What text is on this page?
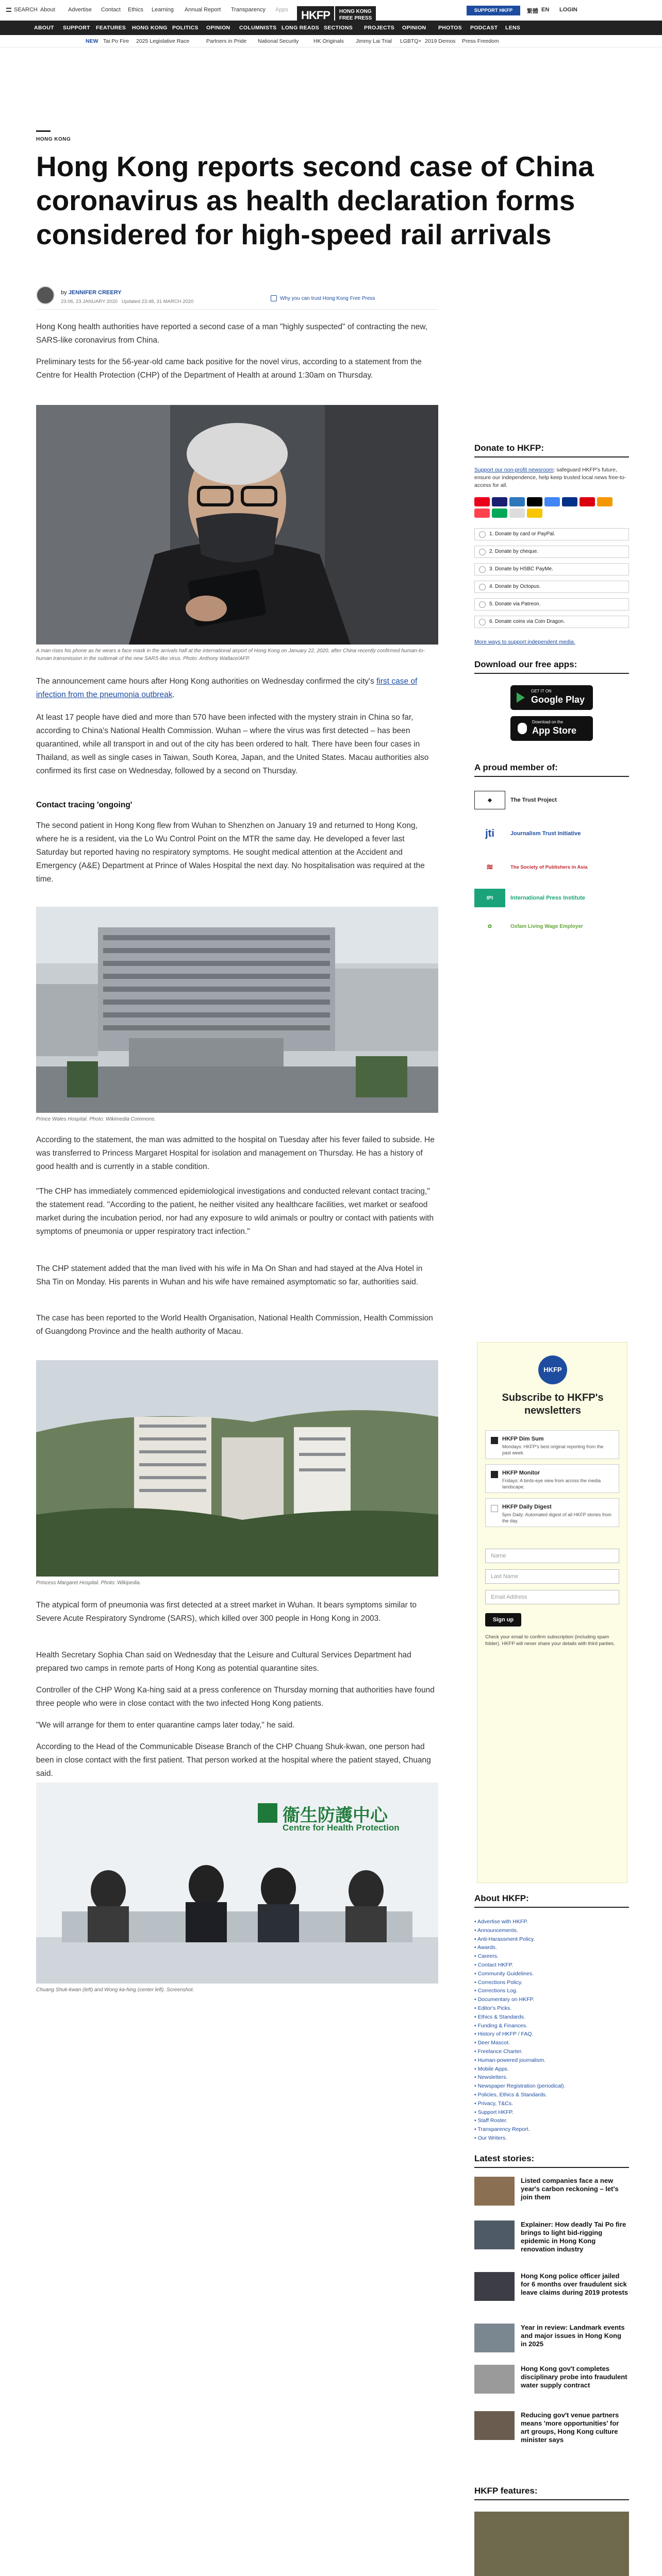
SEARCH About Advertise Contact Ethics Learning Annual Report Transparency Apps	SUPPORT HKFP	繁體 EN LOGIN
HKFP	HONG KONG
FREE PRESS
ABOUT SUPPORT FEATURES HONG KONG POLITICS OPINION COLUMNISTS LONG READS SECTIONS PROJECTS OPINION PHOTOS PODCAST LENS
NEW Tai Po Fire 2025 Legislative Race	Partners in Pride National Security	HK Originals Jimmy Lai Trial LGBTQ+ 2019 Demos Press Freedom
HONG KONG
Hong Kong reports second case of China coronavirus as health declaration forms considered for high-speed rail arrivals
by JENNIFER CREERY
23:06, 23 JANUARY 2020 Updated 23:48, 31 MARCH 2020
Why you can trust Hong Kong Free Press
Hong Kong health authorities have reported a second case of a man "highly suspected" of contracting the new, SARS-like coronavirus from China.
Preliminary tests for the 56-year-old came back positive for the novel virus, according to a statement from the Centre for Health Protection (CHP) of the Department of Health at around 1:30am on Thursday.
A man rises his phone as he wears a face mask in the arrivals hall at the international airport of Hong Kong on January 22, 2020, after China recently confirmed human-to-human transmission in the outbreak of the new SARS-like virus. Photo: Anthony Wallace/AFP.
The announcement came hours after Hong Kong authorities on Wednesday confirmed the city's first case of infection from the pneumonia outbreak.
At least 17 people have died and more than 570 have been infected with the mystery strain in China so far, according to China's National Health Commission. Wuhan – where the virus was first detected – has been quarantined, while all transport in and out of the city has been ordered to halt. There have been four cases in Thailand, as well as single cases in Taiwan, South Korea, Japan, and the United States. Macau authorities also confirmed its first case on Wednesday, followed by a second on Thursday.
Contact tracing 'ongoing'
The second patient in Hong Kong flew from Wuhan to Shenzhen on January 19 and returned to Hong Kong, where he is a resident, via the Lo Wu Control Point on the MTR the same day. He developed a fever last Saturday but reported having no respiratory symptoms. He sought medical attention at the Accident and Emergency (A&E) Department at Prince of Wales Hospital the next day. No hospitalisation was required at the time.
Prince Wales Hospital. Photo: Wikimedia Commons.
According to the statement, the man was admitted to the hospital on Tuesday after his fever failed to subside. He was transferred to Princess Margaret Hospital for isolation and management on Thursday. He has a history of good health and is currently in a stable condition.
"The CHP has immediately commenced epidemiological investigations and conducted relevant contact tracing," the statement read. "According to the patient, he neither visited any healthcare facilities, wet market or seafood market during the incubation period, nor had any exposure to wild animals or poultry or contact with patients with symptoms of pneumonia or upper respiratory tract infection."
The CHP statement added that the man lived with his wife in Ma On Shan and had stayed at the Alva Hotel in Sha Tin on Monday. His parents in Wuhan and his wife have remained asymptomatic so far, authorities said.
The case has been reported to the World Health Organisation, National Health Commission, Health Commission of Guangdong Province and the health authority of Macau.
Princess Margaret Hospital. Photo: Wikipedia.
The atypical form of pneumonia was first detected at a street market in Wuhan. It bears symptoms similar to Severe Acute Respiratory Syndrome (SARS), which killed over 300 people in Hong Kong in 2003.
Health Secretary Sophia Chan said on Wednesday that the Leisure and Cultural Services Department had prepared two camps in remote parts of Hong Kong as potential quarantine sites.
Controller of the CHP Wong Ka-hing said at a press conference on Thursday morning that authorities have found three people who were in close contact with the two infected Hong Kong patients.
"We will arrange for them to enter quarantine camps later today," he said.
According to the Head of the Communicable Disease Branch of the CHP Chuang Shuk-kwan, one person had been in close contact with the first patient. That person worked at the hospital where the patient stayed, Chuang said.
衞生防護中心
Centre for Health Protection
Chuang Shuk-kwan (left) and Wong ka-hing (center left). Screenshot.
Donate to HKFP:
Support our non-profit newsroom: safeguard HKFP's future, ensure our independence, help keep trusted local news free-to-access for all.
1. Donate by card or PayPal.
2. Donate by cheque.
3. Donate by HSBC PayMe.
4. Donate by Octopus.
5. Donate via Patreon.
6. Donate coins via Coin Dragon.
More ways to support independent media.
Download our free apps:
GET IT ON
Google Play
Download on the
App Store
A proud member of:
◆	The Trust Project
jti	Journalism Trust Initiative
≋	The Society of Publishers in Asia
IPI	International Press Institute
✿	Oxfam Living Wage Employer
HKFP
Subscribe to HKFP's newsletters
HKFP Dim Sum
Mondays: HKFP's best original reporting from the past week.
HKFP Monitor
Fridays: A birds-eye view from across the media landscape.
HKFP Daily Digest
5pm Daily: Automated digest of all HKFP stories from the day.
Name
Last Name
Email Address
Sign up
Check your email to confirm subscription (including spam folder). HKFP will never share your details with third parties.
About HKFP:
• Advertise with HKFP.
• Announcements.
• Anti-Harassment Policy.
• Awards.
• Careers.
• Contact HKFP.
• Community Guidelines.
• Corrections Policy.
• Corrections Log.
• Documentary on HKFP.
• Editor's Picks.
• Ethics & Standards.
• Funding & Finances.
• History of HKFP / FAQ.
• Deer Mascot.
• Freelance Charter.
• Human-powered journalism.
• Mobile Apps.
• Newsletters.
• Newspaper Registration (periodical).
• Policies, Ethics & Standards.
• Privacy, T&Cs.
• Support HKFP.
• Staff Roster.
• Transparency Report.
• Our Writers.
Latest stories:
Listed companies face a new year's carbon reckoning – let's join them
Explainer: How deadly Tai Po fire brings to light bid-rigging epidemic in Hong Kong renovation industry
Hong Kong police officer jailed for 6 months over fraudulent sick leave claims during 2019 protests
Year in review: Landmark events and major issues in Hong Kong in 2025
Hong Kong gov't completes disciplinary probe into fraudulent water supply contract
Reducing gov't venue partners means 'more opportunities' for art groups, Hong Kong culture minister says
HKFP features:
